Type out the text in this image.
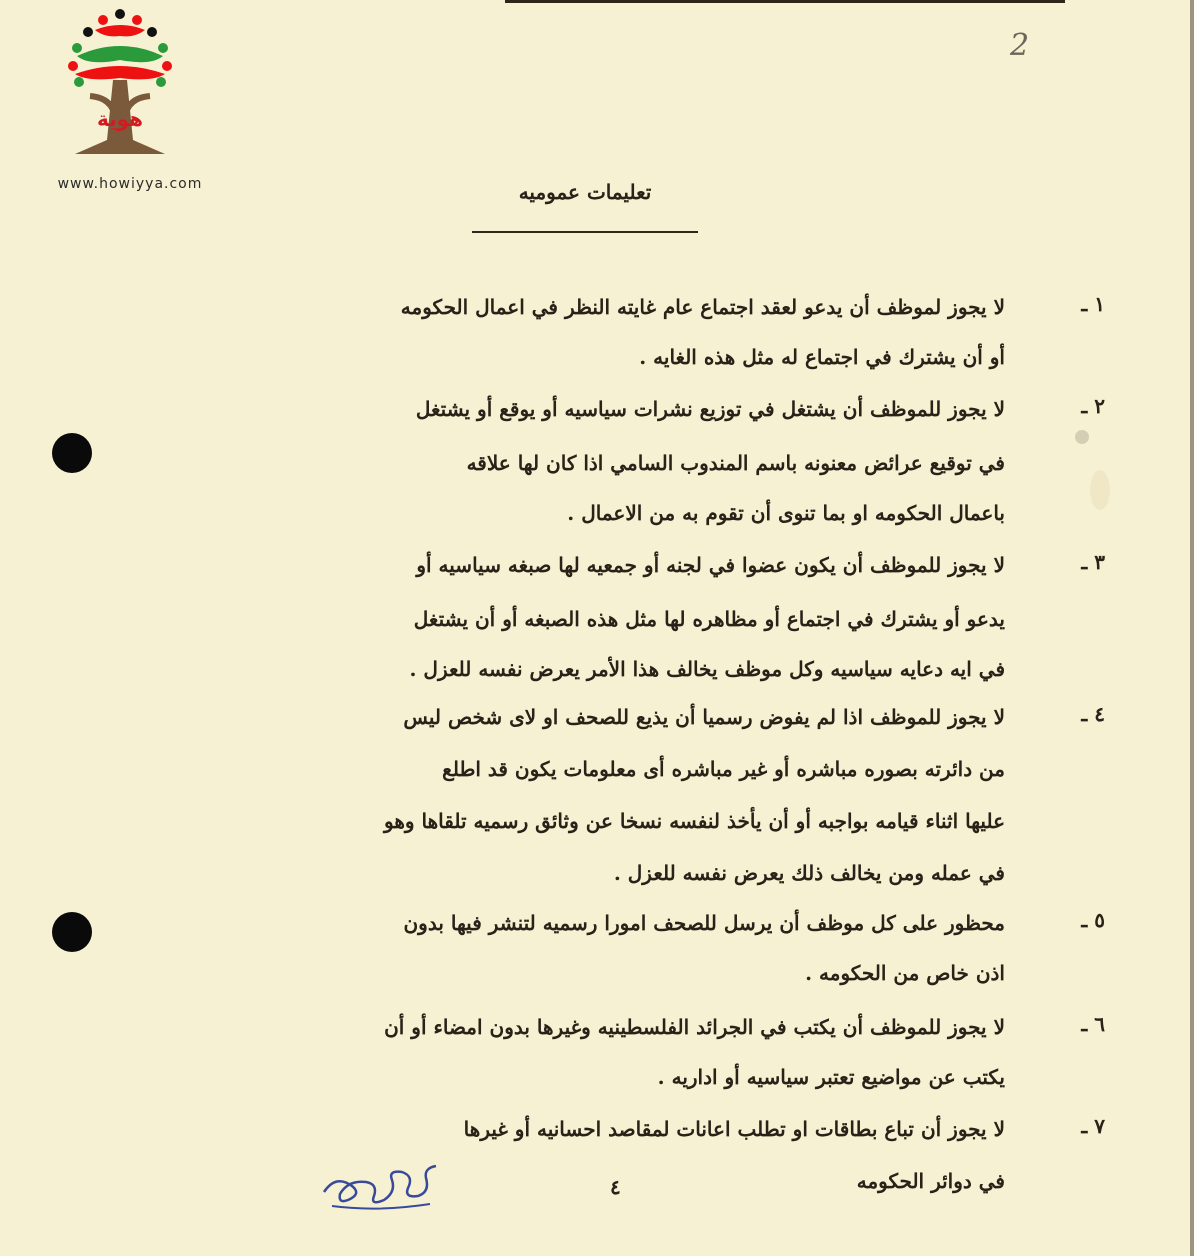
هوية
www.howiyya.com
2
تعليمات عموميه
١ ـ
لا يجوز لموظف أن يدعو لعقد اجتماع عام غايته النظر في اعمال الحكومه
أو أن يشترك في اجتماع له مثل هذه الغايه .
٢ ـ
لا يجوز للموظف أن يشتغل في توزيع نشرات سياسيه أو يوقع أو يشتغل
في توقيع عرائض معنونه باسم المندوب السامي اذا كان لها علاقه
باعمال الحكومه او بما تنوى أن تقوم به من الاعمال .
٣ ـ
لا يجوز للموظف أن يكون عضوا في لجنه أو جمعيه لها صبغه سياسيه أو
يدعو أو يشترك في اجتماع أو مظاهره لها مثل هذه الصبغه أو أن يشتغل
في ايه دعايه سياسيه وكل موظف يخالف هذا الأمر يعرض نفسه للعزل .
٤ ـ
لا يجوز للموظف اذا لم يفوض رسميا أن يذيع للصحف او لاى شخص ليس
من دائرته بصوره مباشره أو غير مباشره أى معلومات يكون قد اطلع
عليها اثناء قيامه بواجبه أو أن يأخذ لنفسه نسخا عن وثائق رسميه تلقاها وهو
في عمله ومن يخالف ذلك يعرض نفسه للعزل .
٥ ـ
محظور على كل موظف أن يرسل للصحف امورا رسميه لتنشر فيها بدون
اذن خاص من الحكومه .
٦ ـ
لا يجوز للموظف أن يكتب في الجرائد الفلسطينيه وغيرها بدون امضاء أو أن
يكتب عن مواضيع تعتبر سياسيه أو اداريه .
٧ ـ
لا يجوز أن تباع بطاقات او تطلب اعانات لمقاصد احسانيه أو غيرها
في دوائر الحكومه
٤
